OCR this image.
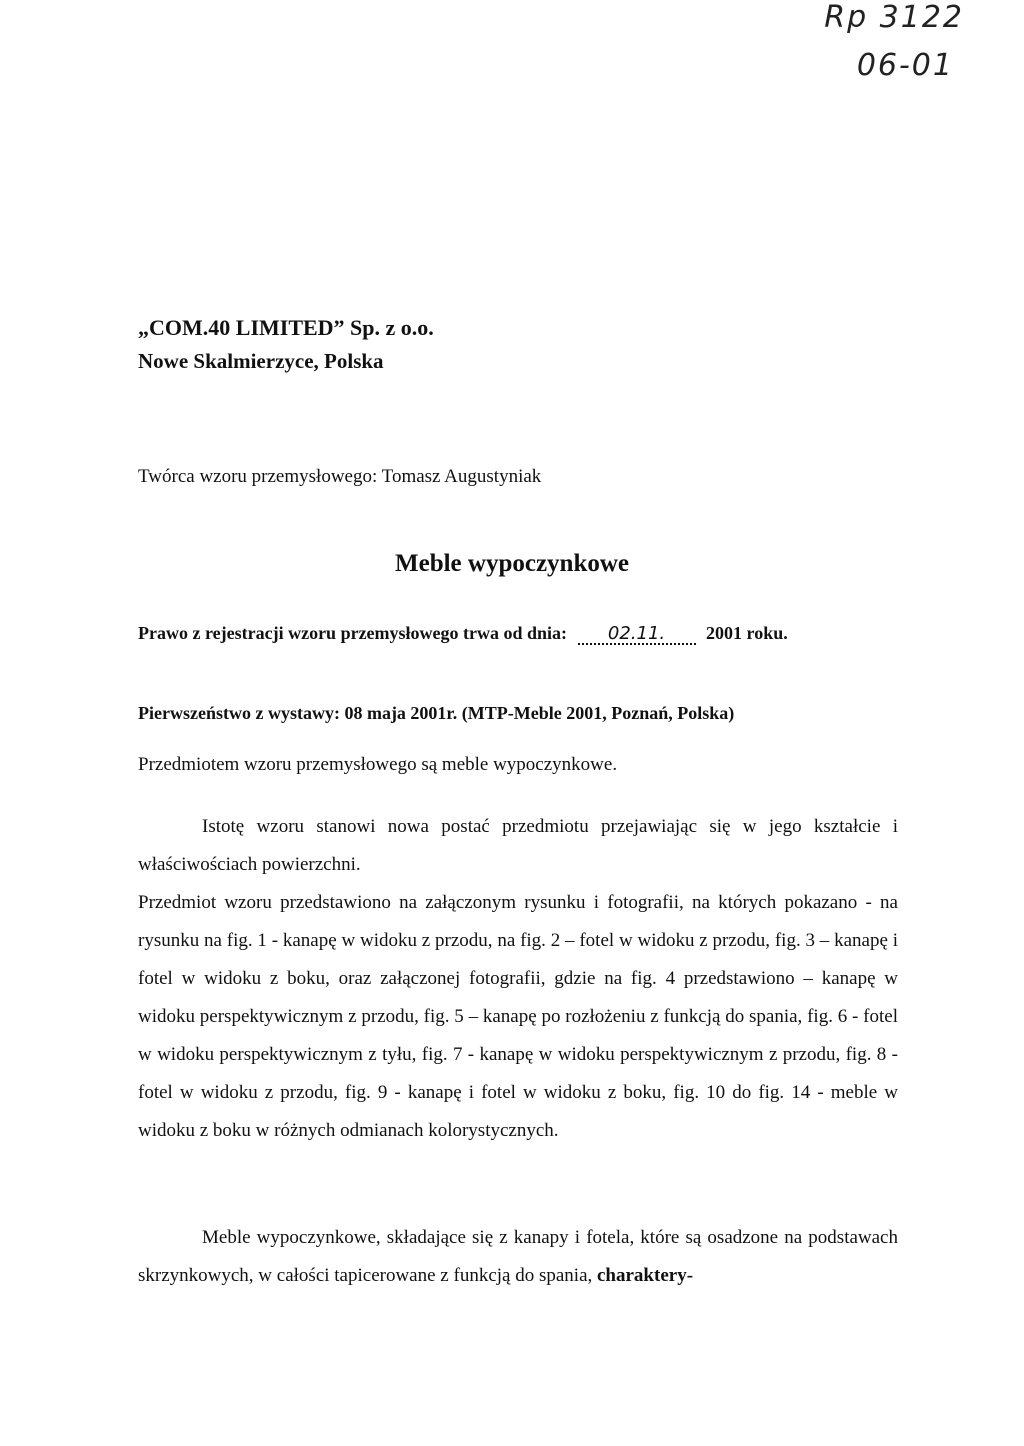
Rp 3122
06-01
„COM.40 LIMITED” Sp. z o.o.
Nowe Skalmierzyce, Polska
Twórca wzoru przemysłowego: Tomasz Augustyniak
Meble wypoczynkowe
Prawo z rejestracji wzoru przemysłowego trwa od dnia: 02.11. 2001 roku.
Pierwszeństwo z wystawy: 08 maja 2001r. (MTP-Meble 2001, Poznań, Polska)
Przedmiotem wzoru przemysłowego są meble wypoczynkowe.
Istotę wzoru stanowi nowa postać przedmiotu przejawiając się w jego kształcie i właściwościach powierzchni.
Przedmiot wzoru przedstawiono na załączonym rysunku i fotografii, na których pokazano - na rysunku na fig. 1 - kanapę w widoku z przodu, na fig. 2 – fotel w widoku z przodu, fig. 3 – kanapę i fotel w widoku z boku, oraz załączonej fotografii, gdzie na fig. 4 przedstawiono – kanapę w widoku perspektywicznym z przodu, fig. 5 – kanapę po rozłożeniu z funkcją do spania, fig. 6 - fotel w widoku perspektywicznym z tyłu, fig. 7 - kanapę w widoku perspektywicznym z przodu, fig. 8 - fotel w widoku z przodu, fig. 9 - kanapę i fotel w widoku z boku, fig. 10 do fig. 14 - meble w widoku z boku w różnych odmianach kolorystycznych.
Meble wypoczynkowe, składające się z kanapy i fotela, które są osadzone na podstawach skrzynkowych, w całości tapicerowane z funkcją do spania, charaktery-
